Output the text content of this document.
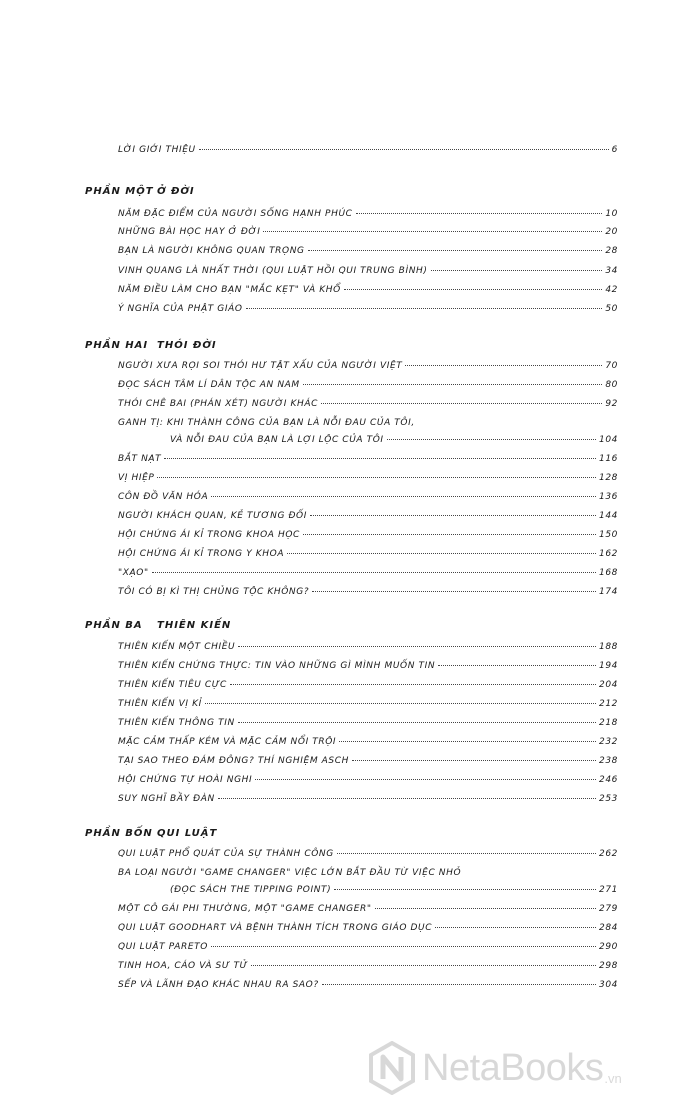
LỜI GIỚI THIỆU	6
PHẦN MỘT Ở ĐỜI
NĂM ĐẶC ĐIỂM CỦA NGƯỜI SỐNG HẠNH PHÚC	10
NHỮNG BÀI HỌC HAY Ở ĐỜI	20
BẠN LÀ NGƯỜI KHÔNG QUAN TRỌNG	28
VINH QUANG LÀ NHẤT THỜI (QUI LUẬT HỒI QUI TRUNG BÌNH)	34
NĂM ĐIỀU LÀM CHO BẠN "MẮC KẸT" VÀ KHỔ	42
Ý NGHĨA CỦA PHẬT GIÁO	50
PHẦN HAI THÓI ĐỜI
NGƯỜI XƯA RỌI SOI THÓI HƯ TẬT XẤU CỦA NGƯỜI VIỆT	70
ĐỌC SÁCH TÂM LÍ DÂN TỘC AN NAM	80
THÓI CHÊ BAI (PHÁN XÉT) NGƯỜI KHÁC	92
GANH TỊ: KHI THÀNH CÔNG CỦA BẠN LÀ NỖI ĐAU CỦA TÔI,
VÀ NỖI ĐAU CỦA BẠN LÀ LỢI LỘC CỦA TÔI	104
BẮT NẠT	116
VỊ HIỆP	128
CÔN ĐỒ VĂN HÓA	136
NGƯỜI KHÁCH QUAN, KẺ TƯƠNG ĐỐI	144
HỘI CHỨNG ÁI KỈ TRONG KHOA HỌC	150
HỘI CHỨNG ÁI KỈ TRONG Y KHOA	162
"XẠO"	168
TÔI CÓ BỊ KÌ THỊ CHỦNG TỘC KHÔNG?	174
PHẦN BA THIÊN KIẾN
THIÊN KIẾN MỘT CHIỀU	188
THIÊN KIẾN CHỨNG THỰC: TIN VÀO NHỮNG GÌ MÌNH MUỐN TIN	194
THIÊN KIẾN TIÊU CỰC	204
THIÊN KIẾN VỊ KỈ	212
THIÊN KIẾN THÔNG TIN	218
MẶC CẢM THẤP KÉM VÀ MẶC CẢM NỔI TRỘI	232
TẠI SAO THEO ĐÁM ĐÔNG? THÍ NGHIỆM ASCH	238
HỘI CHỨNG TỰ HOÀI NGHI	246
SUY NGHĨ BẦY ĐÀN	253
PHẦN BỐN QUI LUẬT
QUI LUẬT PHỔ QUÁT CỦA SỰ THÀNH CÔNG	262
BA LOẠI NGƯỜI "GAME CHANGER" VIỆC LỚN BẮT ĐẦU TỪ VIỆC NHỎ
(ĐỌC SÁCH THE TIPPING POINT)	271
MỘT CÔ GÁI PHI THƯỜNG, MỘT "GAME CHANGER"	279
QUI LUẬT GOODHART VÀ BỆNH THÀNH TÍCH TRONG GIÁO DỤC	284
QUI LUẬT PARETO	290
TINH HOA, CÁO VÀ SƯ TỬ	298
SẾP VÀ LÃNH ĐẠO KHÁC NHAU RA SAO?	304
NetaBooks .vn
